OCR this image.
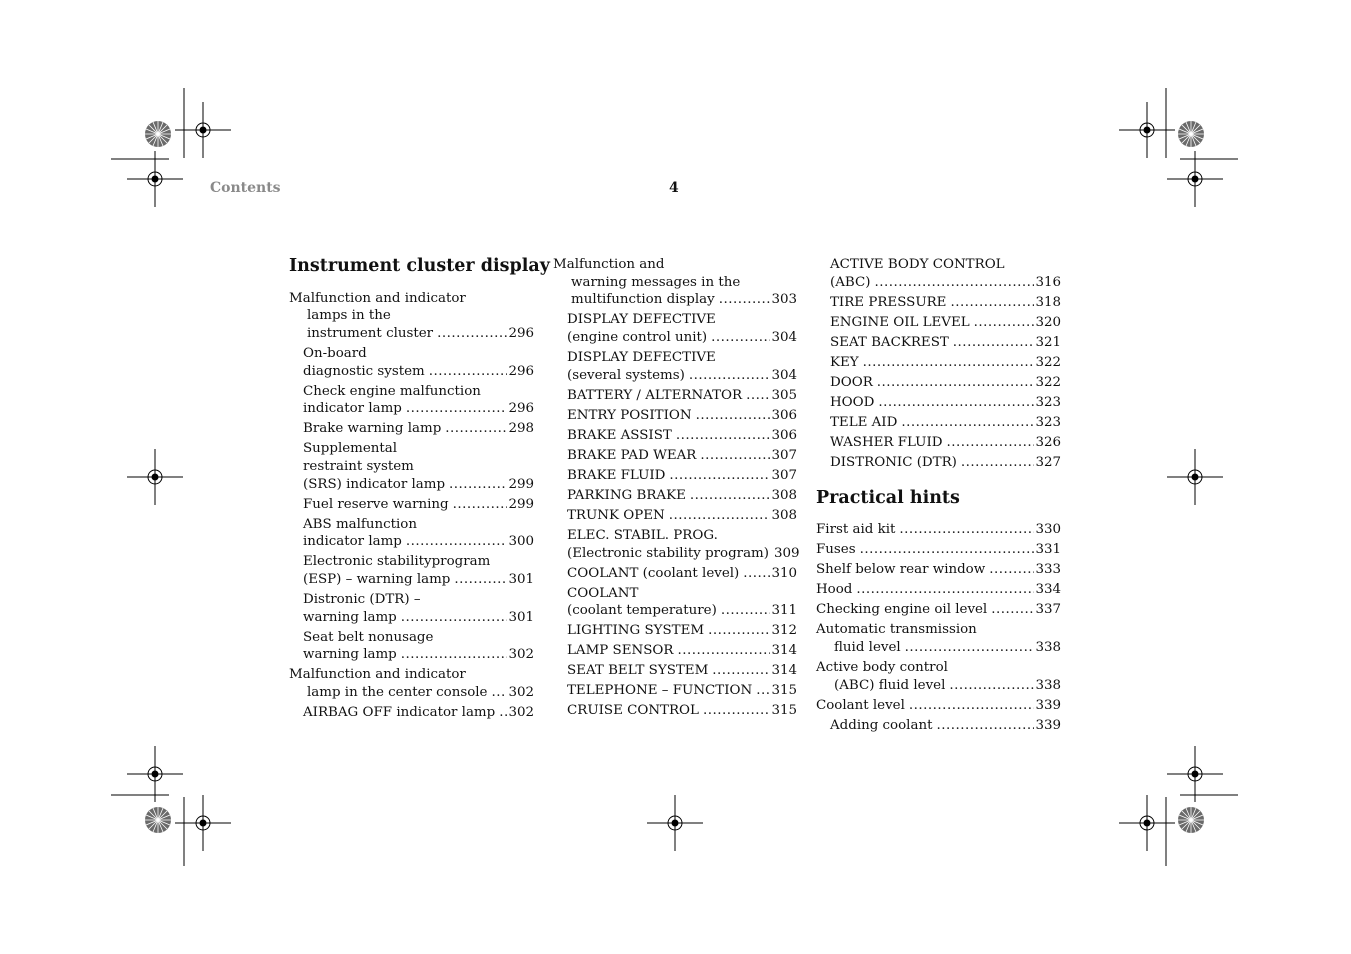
Contents	4
Instrument cluster display
Malfunction and indicator
lamps in the
instrument cluster .....	296
On-board
diagnostic system .....	296
Check engine malfunction
indicator lamp .....	296
Brake warning lamp .....	298
Supplemental
restraint system
(SRS) indicator lamp .....	299
Fuel reserve warning .....	299
ABS malfunction
indicator lamp .....	300
Electronic stabilityprogram
(ESP) – warning lamp .....	301
Distronic (DTR) –
warning lamp .....	301
Seat belt nonusage
warning lamp .....	302
Malfunction and indicator
lamp in the center console ..... 302
AIRBAG OFF indicator lamp ..... 302
Malfunction and
warning messages in the
multifunction display .....	303
DISPLAY DEFECTIVE
(engine control unit) .....	304
DISPLAY DEFECTIVE
(several systems) .....	304
BATTERY / ALTERNATOR ..... 305
ENTRY POSITION .....	306
BRAKE ASSIST .....	306
BRAKE PAD WEAR .....	307
BRAKE FLUID .....	307
PARKING BRAKE .....	308
TRUNK OPEN .....	308
ELEC. STABIL. PROG.
(Electronic stability program) 309
COOLANT (coolant level) ..... 310
COOLANT
(coolant temperature) .....	311
LIGHTING SYSTEM .....	312
LAMP SENSOR .....	314
SEAT BELT SYSTEM .....	314
TELEPHONE – FUNCTION ..... 315
CRUISE CONTROL .....	315
ACTIVE BODY CONTROL
(ABC) .....	316
TIRE PRESSURE .....	318
ENGINE OIL LEVEL .....	320
SEAT BACKREST .....	321
KEY .....	322
DOOR .....	322
HOOD .....	323
TELE AID .....	323
WASHER FLUID .....	326
DISTRONIC (DTR) .....	327
First aid kit .....	330
Fuses .....	331
Shelf below rear window .....	333
Hood .....	334
Checking engine oil level .....	337
Automatic transmission
fluid level .....	338
Active body control
(ABC) fluid level .....	338
Coolant level .....	339
Adding coolant .....	339
Practical hints
